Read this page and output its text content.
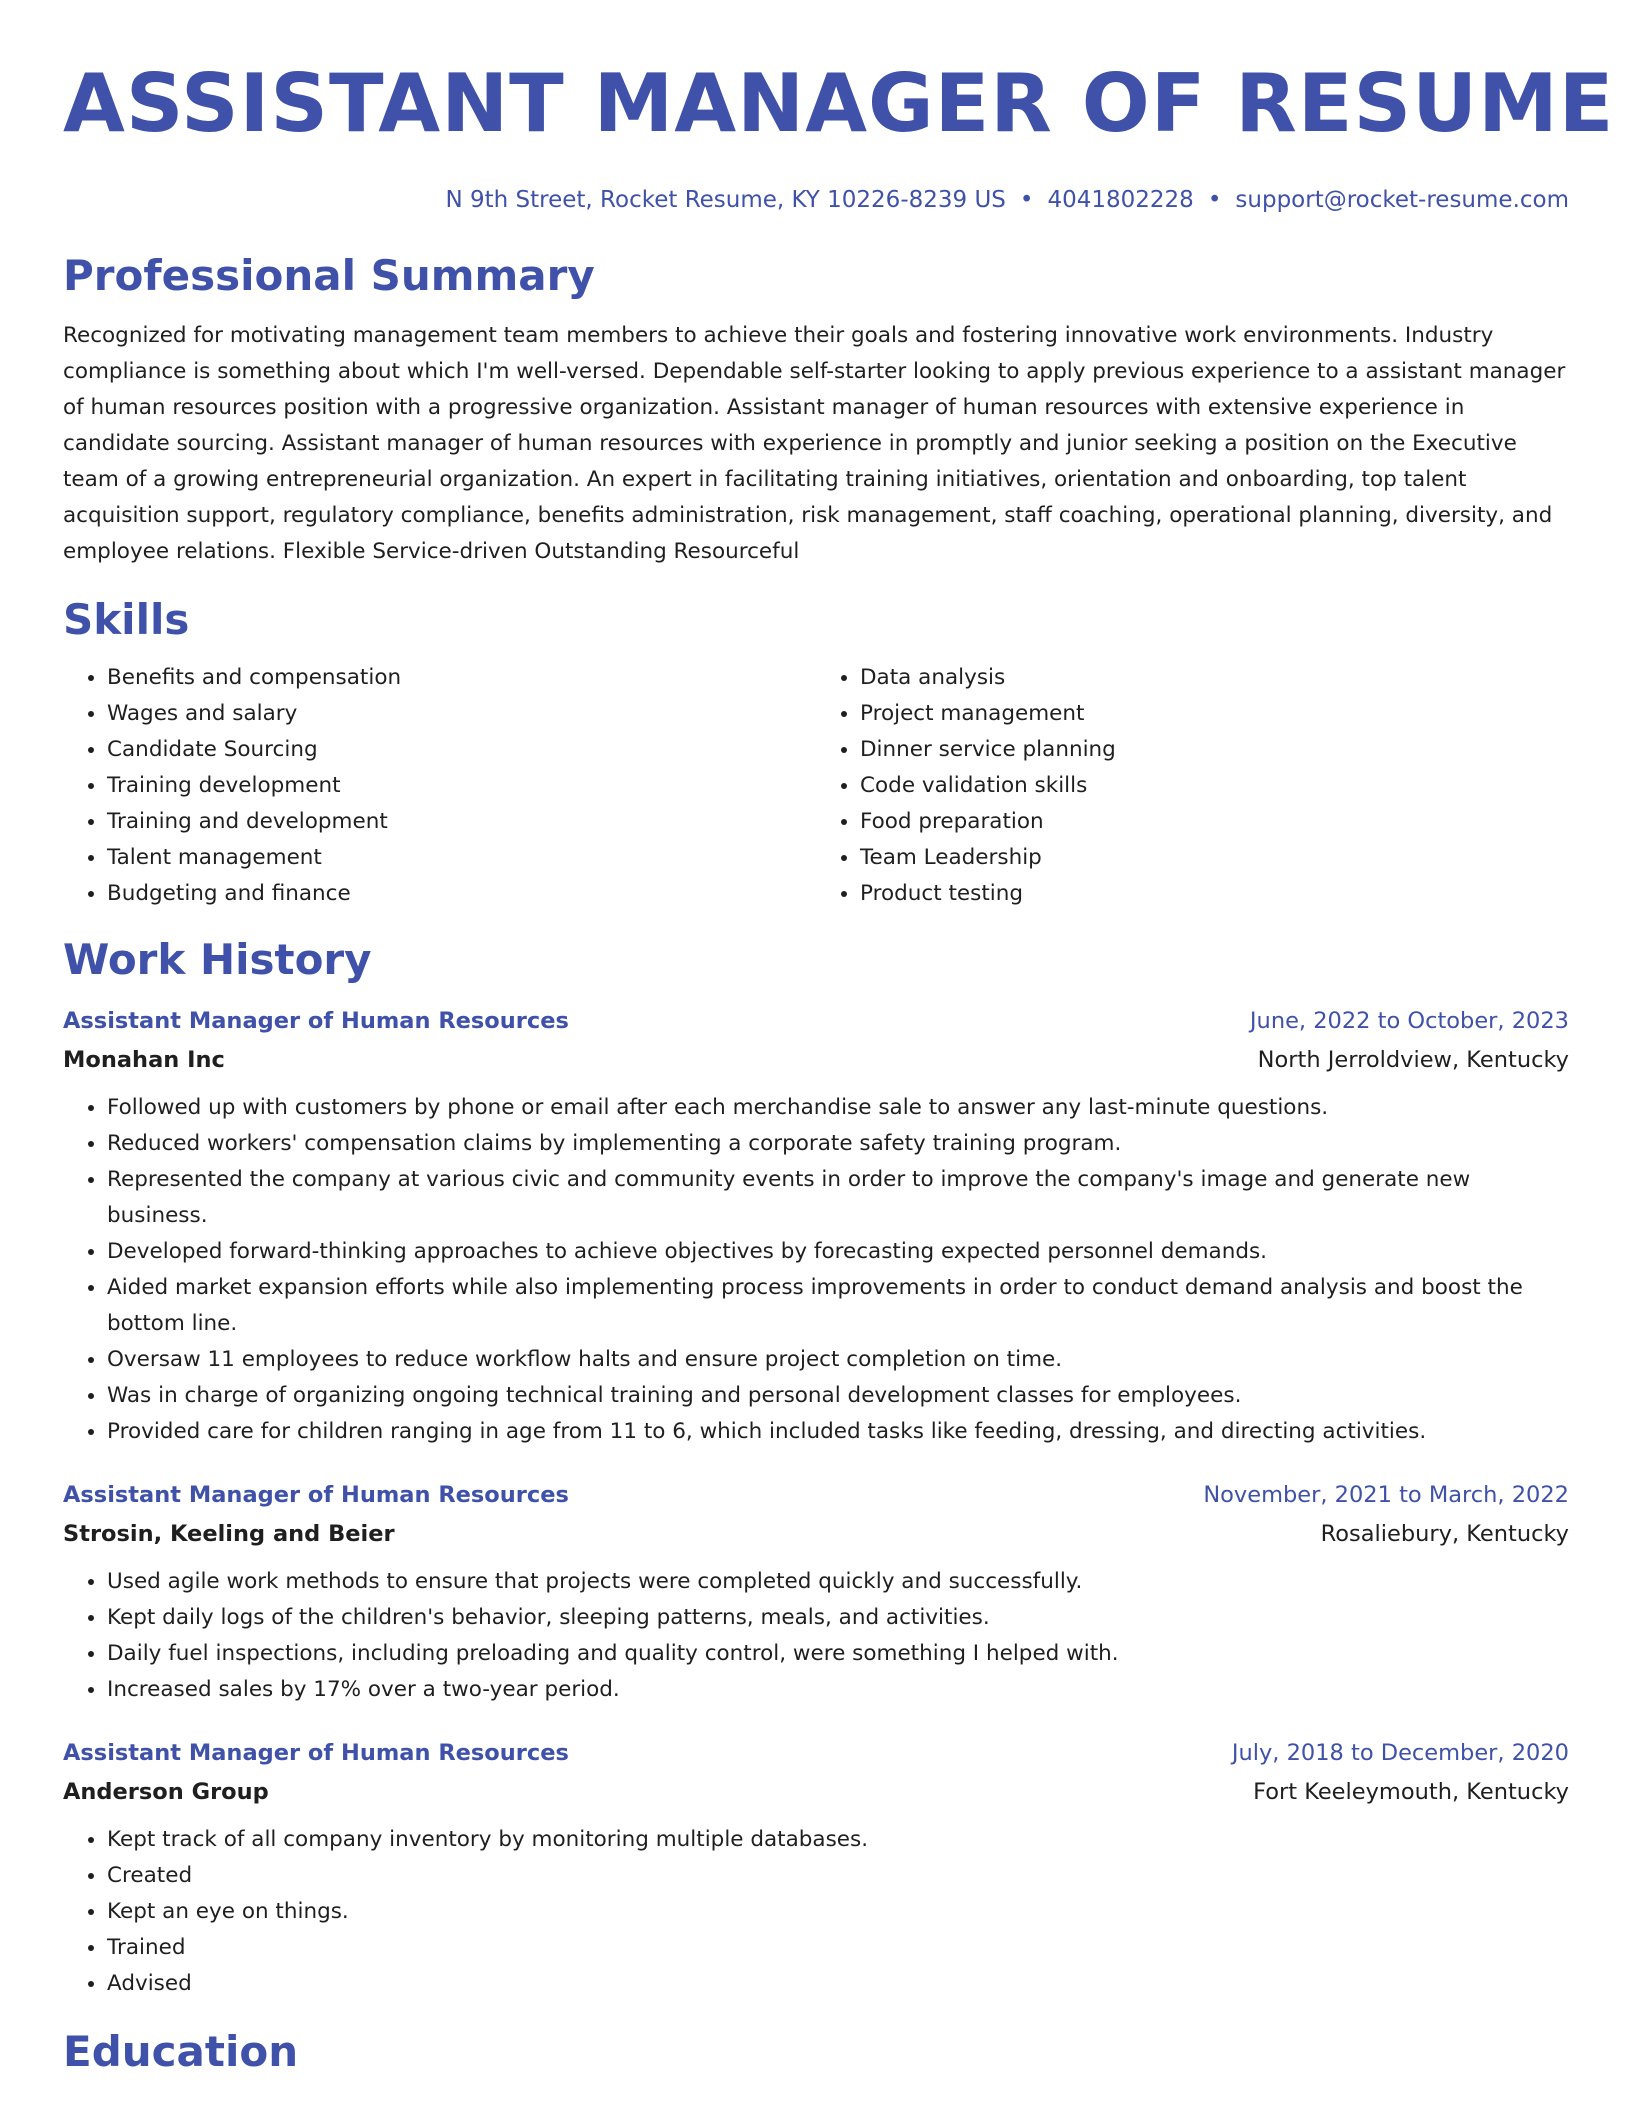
ASSISTANT MANAGER OF RESUME
N 9th Street, Rocket Resume, KY 10226-8239 US • 4041802228 • support@rocket-resume.com
Professional Summary

Recognized for motivating management team members to achieve their goals and fostering innovative work environments. Industry compliance is something about which I'm well-versed. Dependable self-starter looking to apply previous experience to a assistant manager of human resources position with a progressive organization. Assistant manager of human resources with extensive experience in candidate sourcing. Assistant manager of human resources with experience in promptly and junior seeking a position on the Executive team of a growing entrepreneurial organization. An expert in facilitating training initiatives, orientation and onboarding, top talent acquisition support, regulatory compliance, benefits administration, risk management, staff coaching, operational planning, diversity, and employee relations. Flexible Service-driven Outstanding Resourceful

Skills
• Benefits and compensation
• Wages and salary
• Candidate Sourcing
• Training development
• Training and development
• Talent management
• Budgeting and finance
• Data analysis
• Project management
• Dinner service planning
• Code validation skills
• Food preparation
• Team Leadership
• Product testing
Work History
Assistant Manager of Human Resources	June, 2022 to October, 2023
Monahan Inc	North Jerroldview, Kentucky
• Followed up with customers by phone or email after each merchandise sale to answer any last-minute questions.
• Reduced workers' compensation claims by implementing a corporate safety training program.
• Represented the company at various civic and community events in order to improve the company's image and generate new business.
• Developed forward-thinking approaches to achieve objectives by forecasting expected personnel demands.
• Aided market expansion efforts while also implementing process improvements in order to conduct demand analysis and boost the bottom line.
• Oversaw 11 employees to reduce workflow halts and ensure project completion on time.
• Was in charge of organizing ongoing technical training and personal development classes for employees.
• Provided care for children ranging in age from 11 to 6, which included tasks like feeding, dressing, and directing activities.
Assistant Manager of Human Resources	November, 2021 to March, 2022
Strosin, Keeling and Beier	Rosaliebury, Kentucky
• Used agile work methods to ensure that projects were completed quickly and successfully.
• Kept daily logs of the children's behavior, sleeping patterns, meals, and activities.
• Daily fuel inspections, including preloading and quality control, were something I helped with.
• Increased sales by 17% over a two-year period.
Assistant Manager of Human Resources	July, 2018 to December, 2020
Anderson Group	Fort Keeleymouth, Kentucky
• Kept track of all company inventory by monitoring multiple databases.
• Created
• Kept an eye on things.
• Trained
• Advised
Education
